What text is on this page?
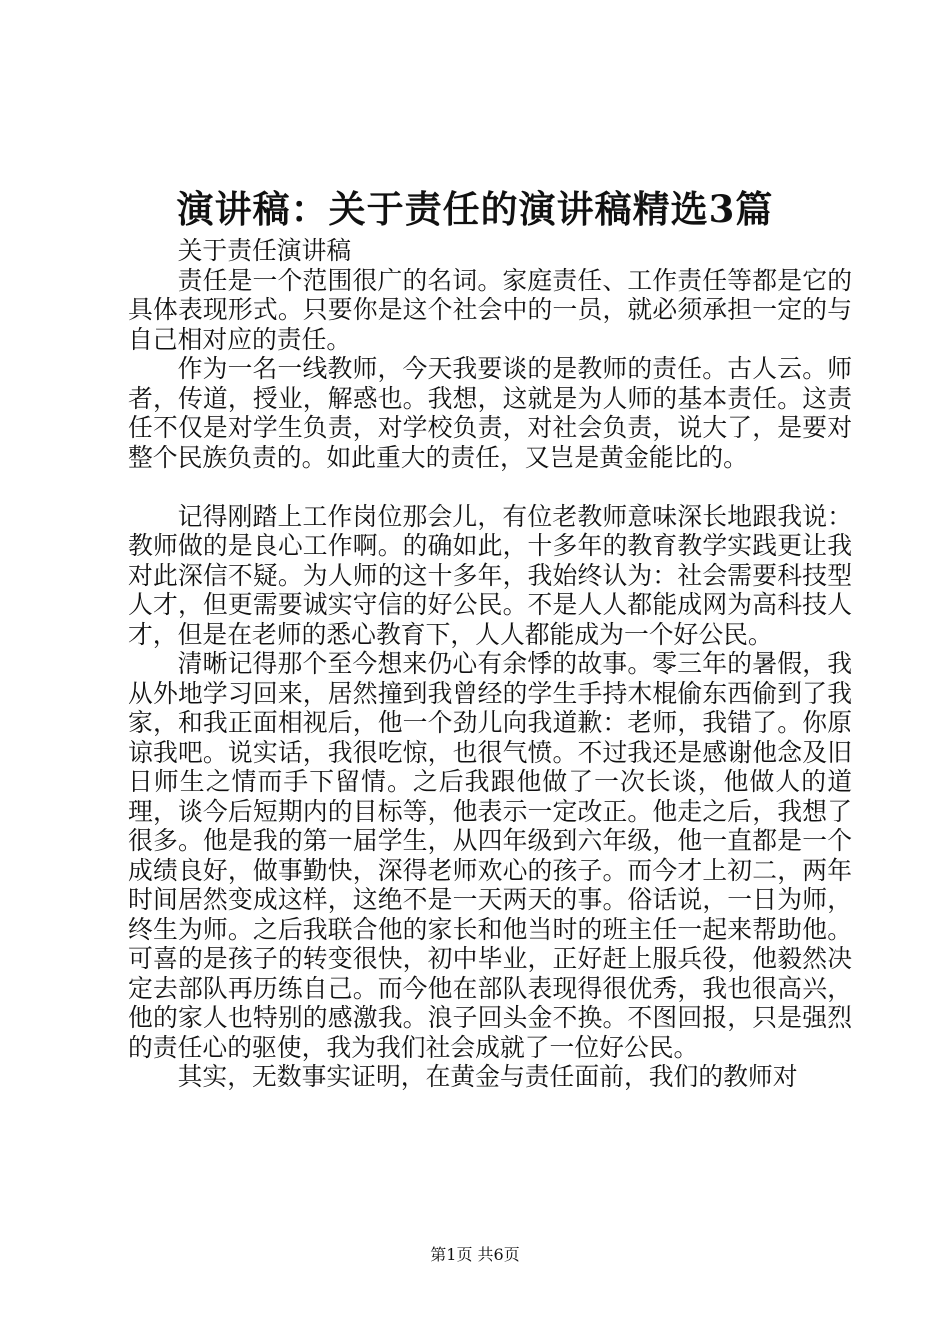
演讲稿：关于责任的演讲稿精选3篇

关于责任演讲稿

责任是一个范围很广的名词。家庭责任、工作责任等都是它的具体表现形式。只要你是这个社会中的一员，就必须承担一定的与自己相对应的责任。

作为一名一线教师，今天我要谈的是教师的责任。古人云。师者，传道，授业，解惑也。我想，这就是为人师的基本责任。这责任不仅是对学生负责，对学校负责，对社会负责，说大了，是要对整个民族负责的。如此重大的责任，又岂是黄金能比的。

记得刚踏上工作岗位那会儿，有位老教师意味深长地跟我说：教师做的是良心工作啊。的确如此，十多年的教育教学实践更让我对此深信不疑。为人师的这十多年，我始终认为：社会需要科技型人才，但更需要诚实守信的好公民。不是人人都能成网为高科技人才，但是在老师的悉心教育下，人人都能成为一个好公民。

清晰记得那个至今想来仍心有余悸的故事。零三年的暑假，我从外地学习回来，居然撞到我曾经的学生手持木棍偷东西偷到了我家，和我正面相视后，他一个劲儿向我道歉：老师，我错了。你原谅我吧。说实话，我很吃惊，也很气愤。不过我还是感谢他念及旧日师生之情而手下留情。之后我跟他做了一次长谈，他做人的道理，谈今后短期内的目标等，他表示一定改正。他走之后，我想了很多。他是我的第一届学生，从四年级到六年级，他一直都是一个成绩良好，做事勤快，深得老师欢心的孩子。而今才上初二，两年时间居然变成这样，这绝不是一天两天的事。俗话说，一日为师，终生为师。之后我联合他的家长和他当时的班主任一起来帮助他。可喜的是孩子的转变很快，初中毕业，正好赶上服兵役，他毅然决定去部队再历练自己。而今他在部队表现得很优秀，我也很高兴，他的家人也特别的感激我。浪子回头金不换。不图回报，只是强烈的责任心的驱使，我为我们社会成就了一位好公民。

其实，无数事实证明，在黄金与责任面前，我们的教师对

第1页 共6页
